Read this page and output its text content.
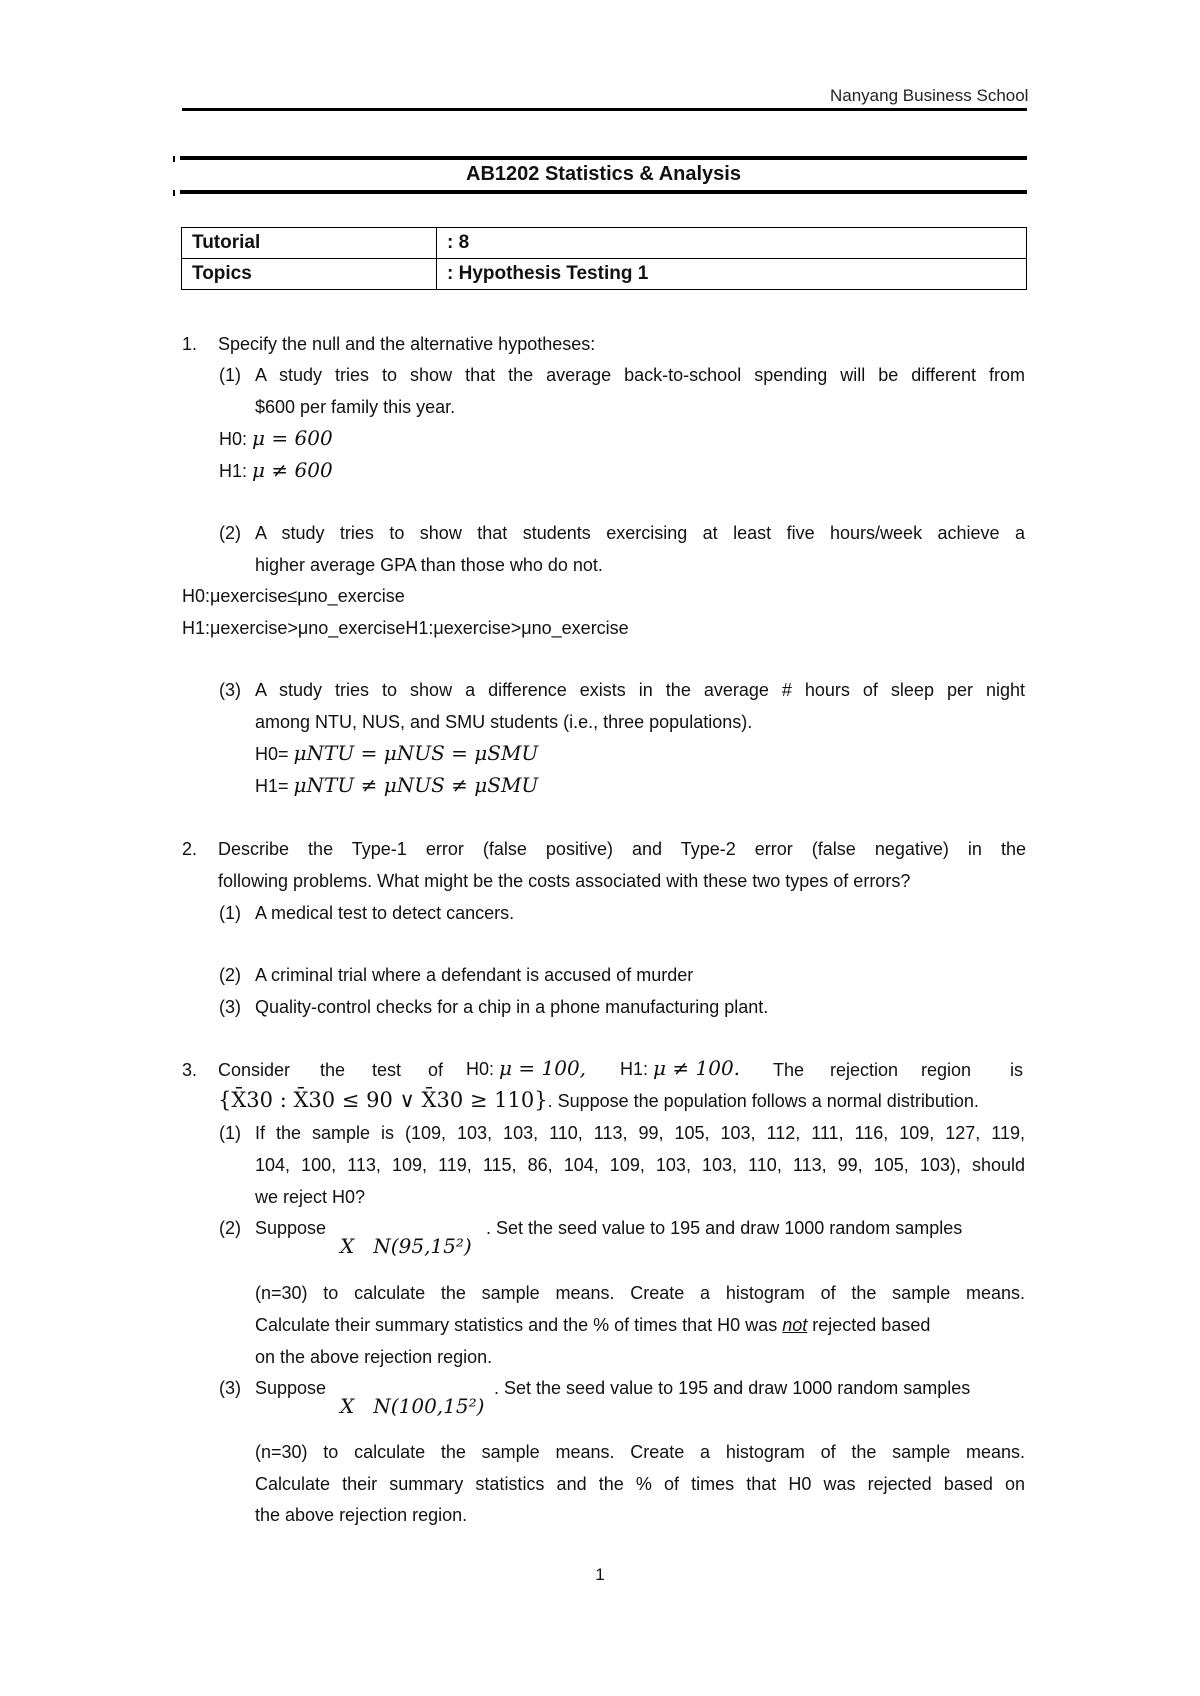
Nanyang Business School
AB1202 Statistics & Analysis
Tutorial	: 8
Topics	: Hypothesis Testing 1
1. Specify the null and the alternative hypotheses:
(1) A study tries to show that the average back-to-school spending will be different from
$600 per family this year.
H0: μ = 600
H1: μ ≠ 600
(2) A study tries to show that students exercising at least five hours/week achieve a
higher average GPA than those who do not.
H0:μexercise≤μno_exercise
H1:μexercise>μno_exerciseH1:μexercise>μno_exercise
(3) A study tries to show a difference exists in the average # hours of sleep per night
among NTU, NUS, and SMU students (i.e., three populations).
H0= μNTU = μNUS = μSMU
H1= μNTU ≠ μNUS ≠ μSMU
2. Describe the Type-1 error (false positive) and Type-2 error (false negative) in the
following problems. What might be the costs associated with these two types of errors?
(1) A medical test to detect cancers.
(2) A criminal trial where a defendant is accused of murder
(3) Quality-control checks for a chip in a phone manufacturing plant.
3. Consider the test of H0: μ = 100, H1: μ ≠ 100. The rejection region is
{X̄30 : X̄30 ≤ 90 ∨ X̄30 ≥ 110}. Suppose the population follows a normal distribution.
(1) If the sample is (109, 103, 103, 110, 113, 99, 105, 103, 112, 111, 116, 109, 127, 119,
104, 100, 113, 109, 119, 115, 86, 104, 109, 103, 103, 110, 113, 99, 105, 103), should
we reject H0?
(2) Suppose
X   N(95,15²)
. Set the seed value to 195 and draw 1000 random samples
(n=30) to calculate the sample means. Create a histogram of the sample means.
Calculate their summary statistics and the % of times that H0 was not rejected based
on the above rejection region.
(3) Suppose
X   N(100,15²)
. Set the seed value to 195 and draw 1000 random samples
(n=30) to calculate the sample means. Create a histogram of the sample means.
Calculate their summary statistics and the % of times that H0 was rejected based on
the above rejection region.
1
